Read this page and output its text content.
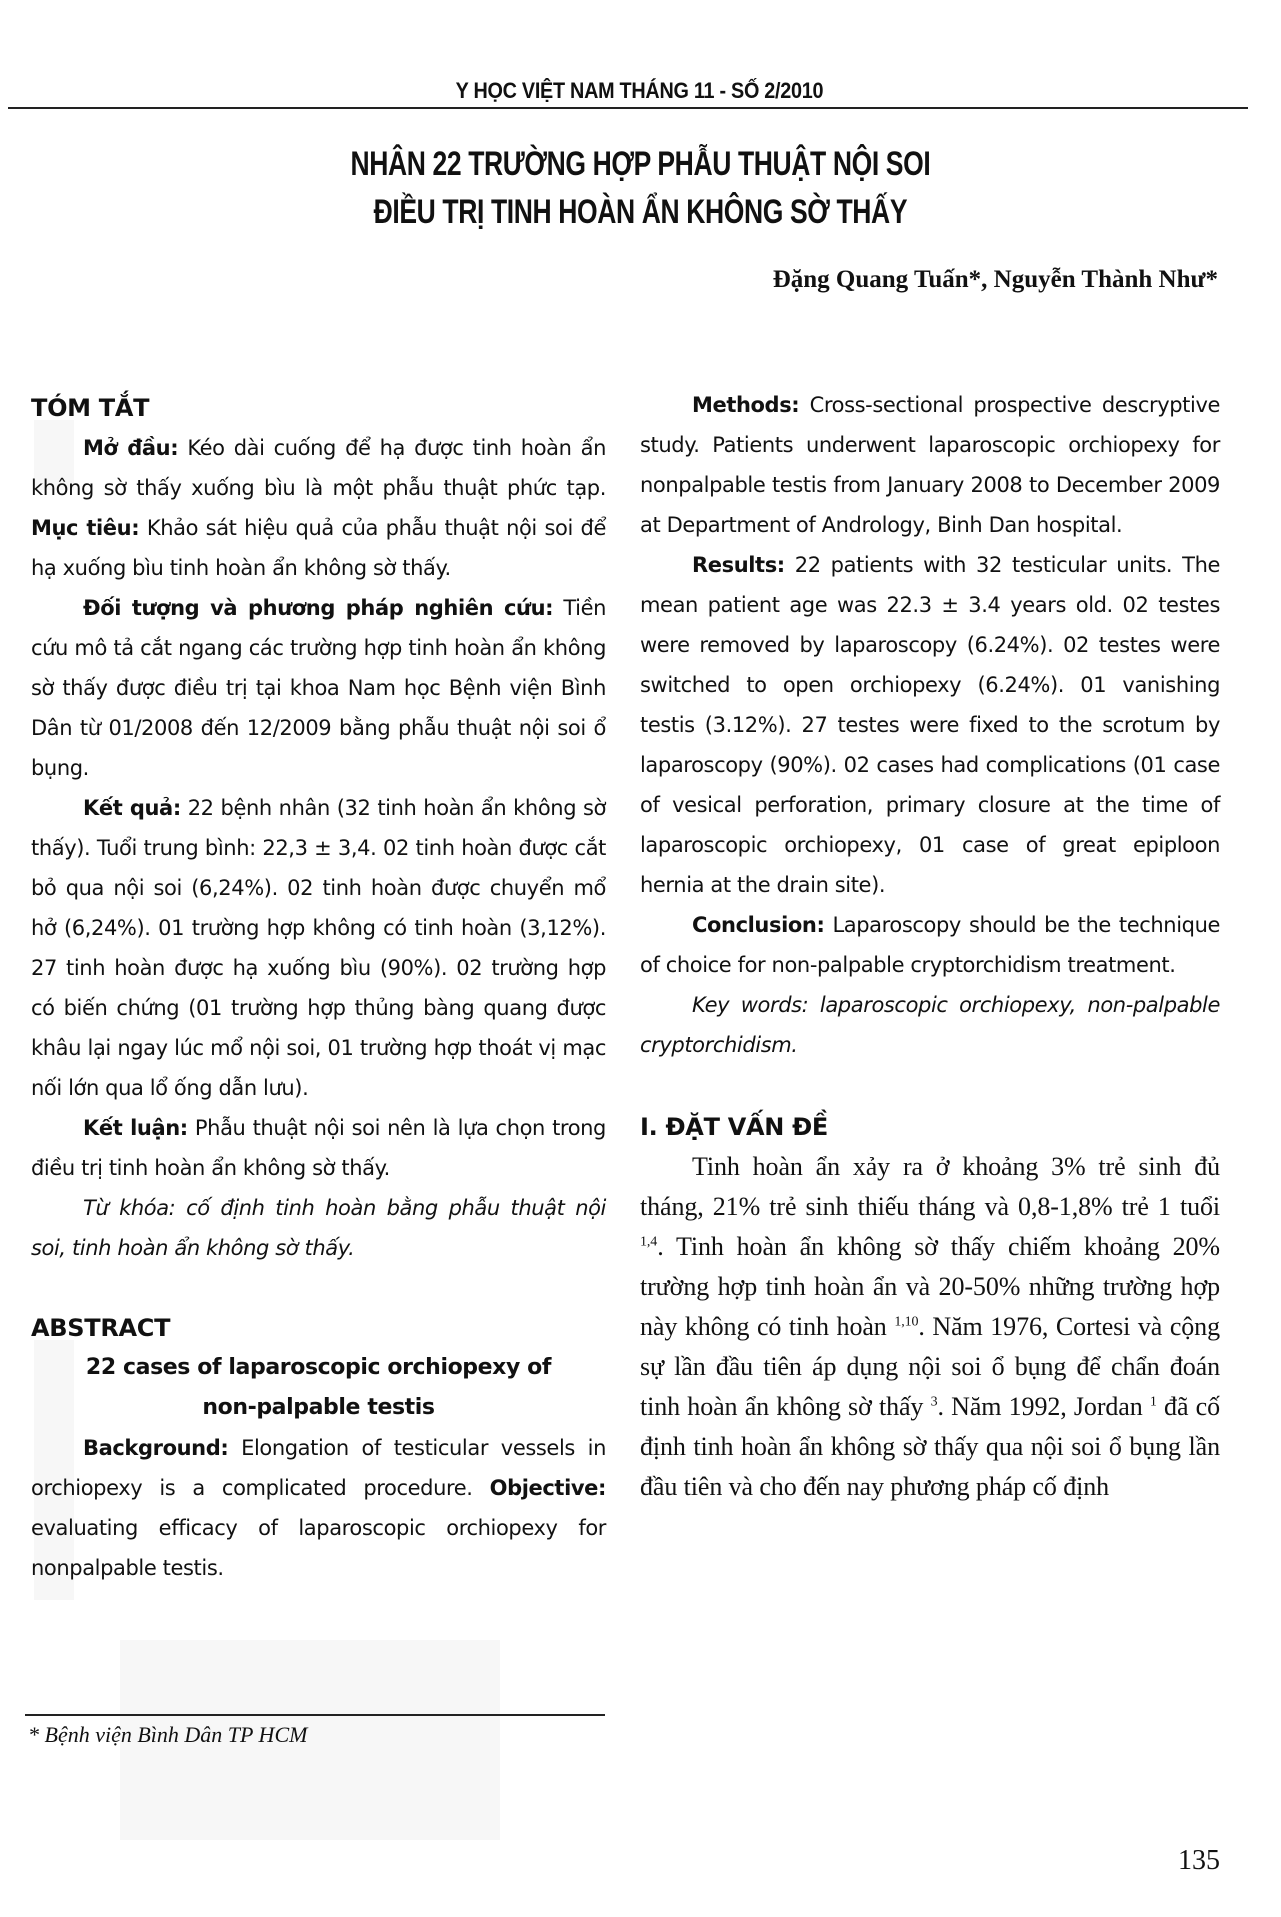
Y HỌC VIỆT NAM THÁNG 11 - SỐ 2/2010
NHÂN 22 TRƯỜNG HỢP PHẪU THUẬT NỘI SOI
ĐIỀU TRỊ TINH HOÀN ẨN KHÔNG SỜ THẤY
Đặng Quang Tuấn*, Nguyễn Thành Như*
TÓM TẮT

Mở đầu: Kéo dài cuống để hạ được tinh hoàn ẩn không sờ thấy xuống bìu là một phẫu thuật phức tạp. Mục tiêu: Khảo sát hiệu quả của phẫu thuật nội soi để hạ xuống bìu tinh hoàn ẩn không sờ thấy.

Đối tượng và phương pháp nghiên cứu: Tiền cứu mô tả cắt ngang các trường hợp tinh hoàn ẩn không sờ thấy được điều trị tại khoa Nam học Bệnh viện Bình Dân từ 01/2008 đến 12/2009 bằng phẫu thuật nội soi ổ bụng.

Kết quả: 22 bệnh nhân (32 tinh hoàn ẩn không sờ thấy). Tuổi trung bình: 22,3 ± 3,4. 02 tinh hoàn được cắt bỏ qua nội soi (6,24%). 02 tinh hoàn được chuyển mổ hở (6,24%). 01 trường hợp không có tinh hoàn (3,12%). 27 tinh hoàn được hạ xuống bìu (90%). 02 trường hợp có biến chứng (01 trường hợp thủng bàng quang được khâu lại ngay lúc mổ nội soi, 01 trường hợp thoát vị mạc nối lớn qua lổ ống dẫn lưu).

Kết luận: Phẫu thuật nội soi nên là lựa chọn trong điều trị tinh hoàn ẩn không sờ thấy.

Từ khóa: cố định tinh hoàn bằng phẫu thuật nội soi, tinh hoàn ẩn không sờ thấy.

ABSTRACT

22 cases of laparoscopic orchiopexy of

non-palpable testis

Background: Elongation of testicular vessels in orchiopexy is a complicated procedure. Objective: evaluating efficacy of laparoscopic orchiopexy for nonpalpable testis.

* Bệnh viện Bình Dân TP HCM

Methods: Cross-sectional prospective descryptive study. Patients underwent laparoscopic orchiopexy for nonpalpable testis from January 2008 to December 2009 at Department of Andrology, Binh Dan hospital.

Results: 22 patients with 32 testicular units. The mean patient age was 22.3 ± 3.4 years old. 02 testes were removed by laparoscopy (6.24%). 02 testes were switched to open orchiopexy (6.24%). 01 vanishing testis (3.12%). 27 testes were fixed to the scrotum by laparoscopy (90%). 02 cases had complications (01 case of vesical perforation, primary closure at the time of laparoscopic orchiopexy, 01 case of great epiploon hernia at the drain site).

Conclusion: Laparoscopy should be the technique of choice for non-palpable cryptorchidism treatment.

Key words: laparoscopic orchiopexy, non-palpable cryptorchidism.

I. ĐẶT VẤN ĐỀ

Tinh hoàn ẩn xảy ra ở khoảng 3% trẻ sinh đủ tháng, 21% trẻ sinh thiếu tháng và 0,8-1,8% trẻ 1 tuổi $^{1,4}$. Tinh hoàn ẩn không sờ thấy chiếm khoảng 20% trường hợp tinh hoàn ẩn và 20-50% những trường hợp này không có tinh hoàn $^{1,10}$. Năm 1976, Cortesi và cộng sự lần đầu tiên áp dụng nội soi ổ bụng để chẩn đoán tinh hoàn ẩn không sờ thấy $^3$. Năm 1992, Jordan $^1$ đã cố định tinh hoàn ẩn không sờ thấy qua nội soi ổ bụng lần đầu tiên và cho đến nay phương pháp cố định

135
